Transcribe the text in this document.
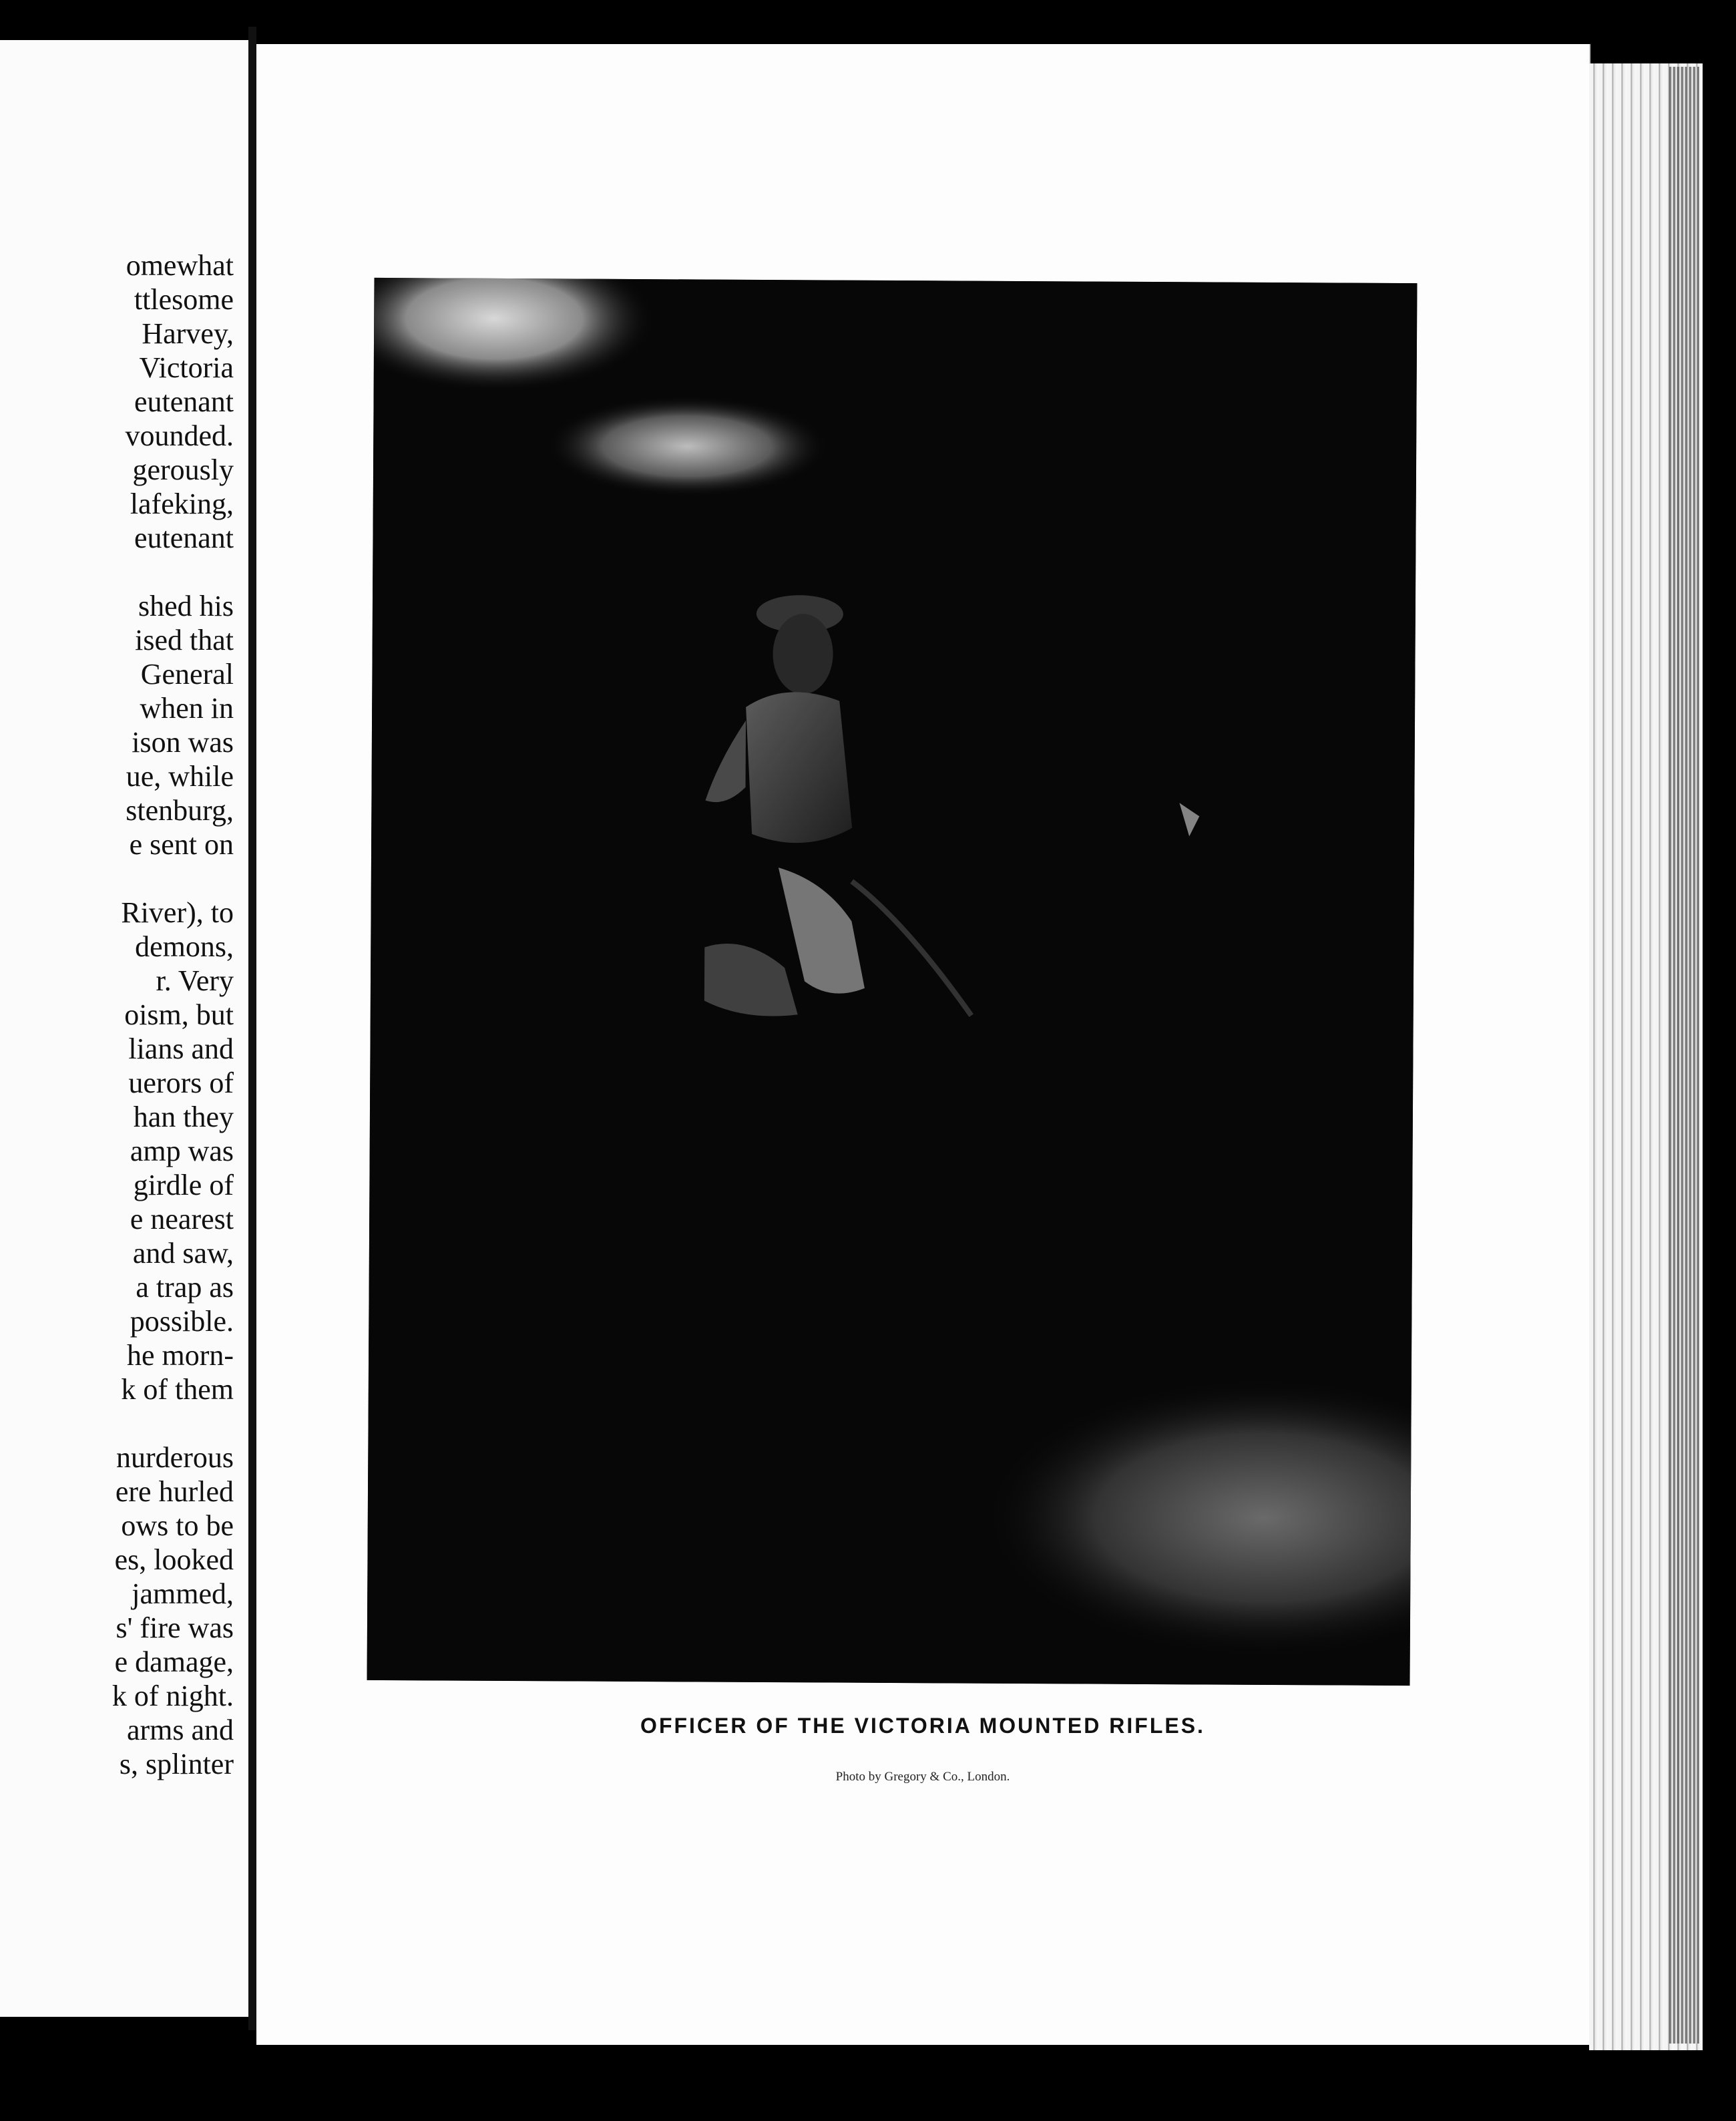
omewhat
ttlesome
Harvey,
Victoria
eutenant
vounded.
gerously
lafeking,
eutenant
shed his
ised that
General
when in
ison was
ue, while
stenburg,
e sent on
River), to
demons,
r. Very
oism, but
lians and
uerors of
han they
amp was
girdle of
e nearest
and saw,
a trap as
possible.
he morn-
k of them
nurderous
ere hurled
ows to be
es, looked
jammed,
s' fire was
e damage,
k of night.
arms and
s, splinter
OFFICER OF THE VICTORIA MOUNTED RIFLES.
Photo by Gregory & Co., London.
